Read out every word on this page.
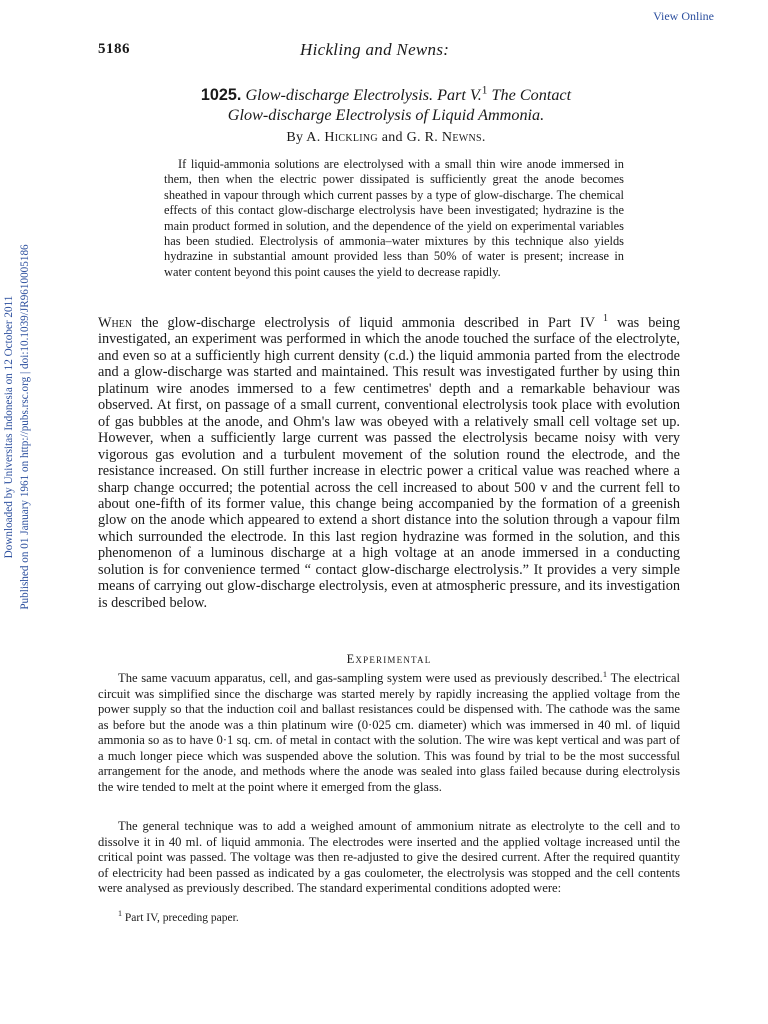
View Online
Downloaded by Universitas Indonesia on 12 October 2011 Published on 01 January 1961 on http://pubs.rsc.org | doi:10.1039/JR9610005186
5186	Hickling and Newns:
1025. Glow-discharge Electrolysis. Part V.$^1$ The Contact
Glow-discharge Electrolysis of Liquid Ammonia.
By A. Hickling and G. R. Newns.

If liquid-ammonia solutions are electrolysed with a small thin wire anode immersed in them, then when the electric power dissipated is sufficiently great the anode becomes sheathed in vapour through which current passes by a type of glow-discharge. The chemical effects of this contact glow-discharge electrolysis have been investigated; hydrazine is the main product formed in solution, and the dependence of the yield on experimental variables has been studied. Electrolysis of ammonia–water mixtures by this technique also yields hydrazine in substantial amount provided less than 50% of water is present; increase in water content beyond this point causes the yield to decrease rapidly.

When the glow-discharge electrolysis of liquid ammonia described in Part IV $^1$ was being investigated, an experiment was performed in which the anode touched the surface of the electrolyte, and even so at a sufficiently high current density (c.d.) the liquid ammonia parted from the electrode and a glow-discharge was started and maintained. This result was investigated further by using thin platinum wire anodes immersed to a few centimetres' depth and a remarkable behaviour was observed. At first, on passage of a small current, conventional electrolysis took place with evolution of gas bubbles at the anode, and Ohm's law was obeyed with a relatively small cell voltage set up. However, when a sufficiently large current was passed the electrolysis became noisy with very vigorous gas evolution and a turbulent movement of the solution round the electrode, and the resistance increased. On still further increase in electric power a critical value was reached where a sharp change occurred; the potential across the cell increased to about 500 v and the current fell to about one-fifth of its former value, this change being accompanied by the formation of a greenish glow on the anode which appeared to extend a short distance into the solution through a vapour film which surrounded the electrode. In this last region hydrazine was formed in the solution, and this phenomenon of a luminous discharge at a high voltage at an anode immersed in a conducting solution is for convenience termed “ contact glow-discharge electrolysis.” It provides a very simple means of carrying out glow-discharge electrolysis, even at atmospheric pressure, and its investigation is described below.

Experimental

The same vacuum apparatus, cell, and gas-sampling system were used as previously described.$^1$ The electrical circuit was simplified since the discharge was started merely by rapidly increasing the applied voltage from the power supply so that the induction coil and ballast resistances could be dispensed with. The cathode was the same as before but the anode was a thin platinum wire (0·025 cm. diameter) which was immersed in 40 ml. of liquid ammonia so as to have 0·1 sq. cm. of metal in contact with the solution. The wire was kept vertical and was part of a much longer piece which was suspended above the solution. This was found by trial to be the most successful arrangement for the anode, and methods where the anode was sealed into glass failed because during electrolysis the wire tended to melt at the point where it emerged from the glass.

The general technique was to add a weighed amount of ammonium nitrate as electrolyte to the cell and to dissolve it in 40 ml. of liquid ammonia. The electrodes were inserted and the applied voltage increased until the critical point was passed. The voltage was then re-adjusted to give the desired current. After the required quantity of electricity had been passed as indicated by a gas coulometer, the electrolysis was stopped and the cell contents were analysed as previously described. The standard experimental conditions adopted were:

$^1$ Part IV, preceding paper.
